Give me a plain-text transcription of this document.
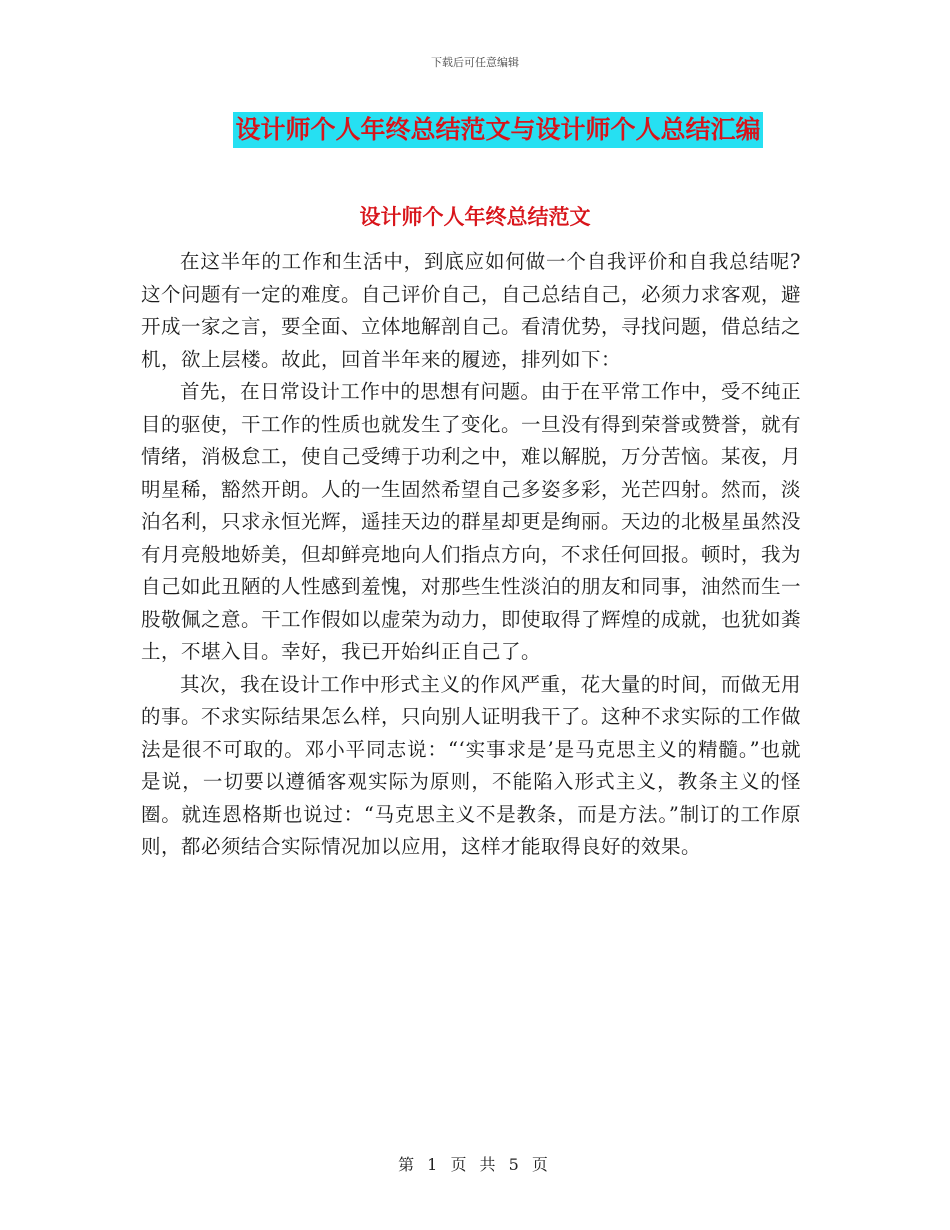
下载后可任意编辑
设计师个人年终总结范文与设计师个人总结汇编
设计师个人年终总结范文

在这半年的工作和生活中，到底应如何做一个自我评价和自我总结呢?这个问题有一定的难度。自己评价自己，自己总结自己，必须力求客观，避开成一家之言，要全面、立体地解剖自己。看清优势，寻找问题，借总结之机，欲上层楼。故此，回首半年来的履迹，排列如下：

首先，在日常设计工作中的思想有问题。由于在平常工作中，受不纯正目的驱使，干工作的性质也就发生了变化。一旦没有得到荣誉或赞誉，就有情绪，消极怠工，使自己受缚于功利之中，难以解脱，万分苦恼。某夜，月明星稀，豁然开朗。人的一生固然希望自己多姿多彩，光芒四射。然而，淡泊名利，只求永恒光辉，遥挂天边的群星却更是绚丽。天边的北极星虽然没有月亮般地娇美，但却鲜亮地向人们指点方向，不求任何回报。顿时，我为自己如此丑陋的人性感到羞愧，对那些生性淡泊的朋友和同事，油然而生一股敬佩之意。干工作假如以虚荣为动力，即使取得了辉煌的成就，也犹如粪土，不堪入目。幸好，我已开始纠正自己了。

其次，我在设计工作中形式主义的作风严重，花大量的时间，而做无用的事。不求实际结果怎么样，只向别人证明我干了。这种不求实际的工作做法是很不可取的。邓小平同志说：“‘实事求是’是马克思主义的精髓。”也就是说，一切要以遵循客观实际为原则，不能陷入形式主义，教条主义的怪圈。就连恩格斯也说过：“马克思主义不是教条，而是方法。”制订的工作原则，都必须结合实际情况加以应用，这样才能取得良好的效果。

第 1 页 共 5 页
